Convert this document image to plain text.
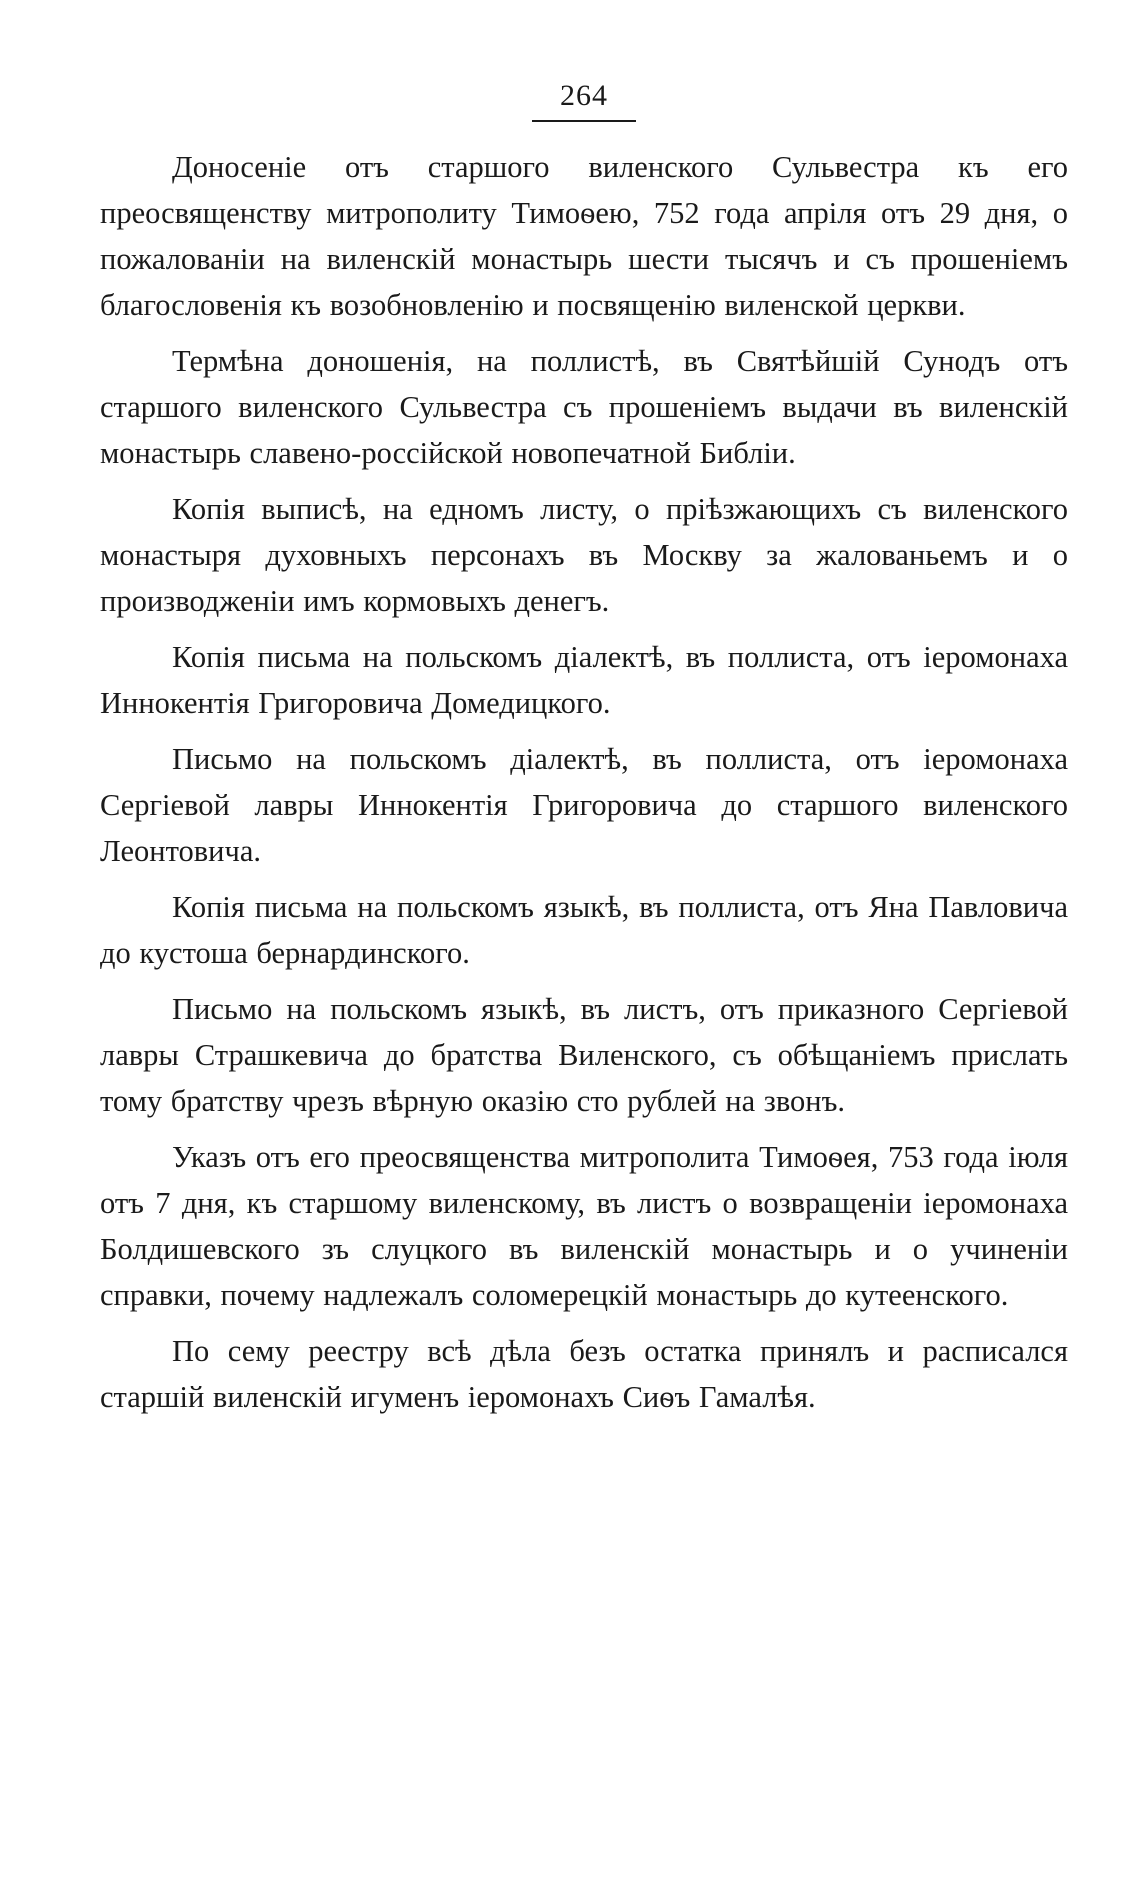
264

Доносеніе отъ старшого виленского Сульвестра къ его преосвященству митрополиту Тимоѳею, 752 года апрiля отъ 29 дня, о пожалованiи на виленскiй монастырь шести тысячъ и съ прошенiемъ благословенiя къ возобновленiю и посвященiю виленской церкви.

Термѣна доношенiя, на поллистѣ, въ Святѣйшiй Сунодъ отъ старшого виленского Сульвестра съ прошенiемъ выдачи въ виленскiй монастырь славено-россiйской новопечатной Библiи.

Копiя выписѣ, на едномъ листу, о прiѣзжающихъ съ виленского монастыря духовныхъ персонахъ въ Москву за жалованьемъ и о производженiи имъ кормовыхъ денегъ.

Копiя письма на польскомъ дiалектѣ, въ поллиста, отъ iеромонаха Иннокентiя Григоровича Домедицкого.

Письмо на польскомъ дiалектѣ, въ поллиста, отъ iеромонаха Сергiевой лавры Иннокентiя Григоровича до старшого виленского Леонтовича.

Копiя письма на польскомъ языкѣ, въ поллиста, отъ Яна Павловича до кустоша бернардинского.

Письмо на польскомъ языкѣ, въ листъ, отъ приказного Сергiевой лавры Страшкевича до братства Виленского, съ обѣщанiемъ прислать тому братству чрезъ вѣрную оказiю сто рублей на звонъ.

Указъ отъ его преосвященства митрополита Тимоѳея, 753 года iюля отъ 7 дня, къ старшому виленскому, въ листъ о возвращенiи iеромонаха Болдишевского зъ слуцкого въ виленскiй монастырь и о учиненiи справки, почему надлежалъ соломерецкiй монастырь до кутеенского.

По сему реестру всѣ дѣла безъ остатка принялъ и расписался старшiй виленскiй игуменъ iеромонахъ Сиѳъ Гамалѣя.
